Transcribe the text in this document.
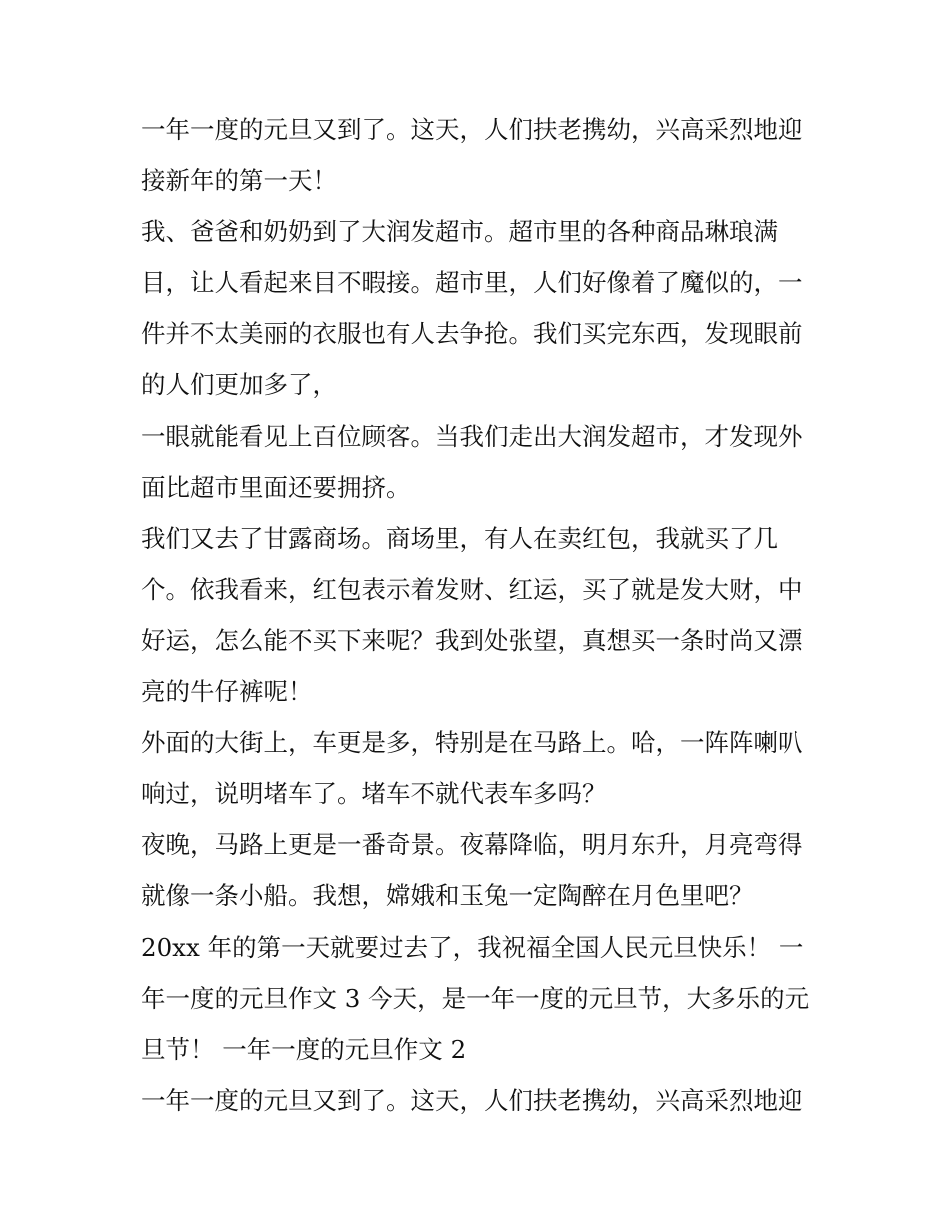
一年一度的元旦又到了。这天，人们扶老携幼，兴高采烈地迎
接新年的第一天！
我、爸爸和奶奶到了大润发超市。超市里的各种商品琳琅满
目，让人看起来目不暇接。超市里，人们好像着了魔似的，一
件并不太美丽的衣服也有人去争抢。我们买完东西，发现眼前
的人们更加多了，
一眼就能看见上百位顾客。当我们走出大润发超市，才发现外
面比超市里面还要拥挤。
我们又去了甘露商场。商场里，有人在卖红包，我就买了几
个。依我看来，红包表示着发财、红运，买了就是发大财，中
好运，怎么能不买下来呢？我到处张望，真想买一条时尚又漂
亮的牛仔裤呢！
外面的大街上，车更是多，特别是在马路上。哈，一阵阵喇叭
响过，说明堵车了。堵车不就代表车多吗？
夜晚，马路上更是一番奇景。夜幕降临，明月东升，月亮弯得
就像一条小船。我想，嫦娥和玉兔一定陶醉在月色里吧？
20xx 年的第一天就要过去了，我祝福全国人民元旦快乐！ 一
年一度的元旦作文 3 今天，是一年一度的元旦节，大多乐的元
旦节！ 一年一度的元旦作文 2
一年一度的元旦又到了。这天，人们扶老携幼，兴高采烈地迎
